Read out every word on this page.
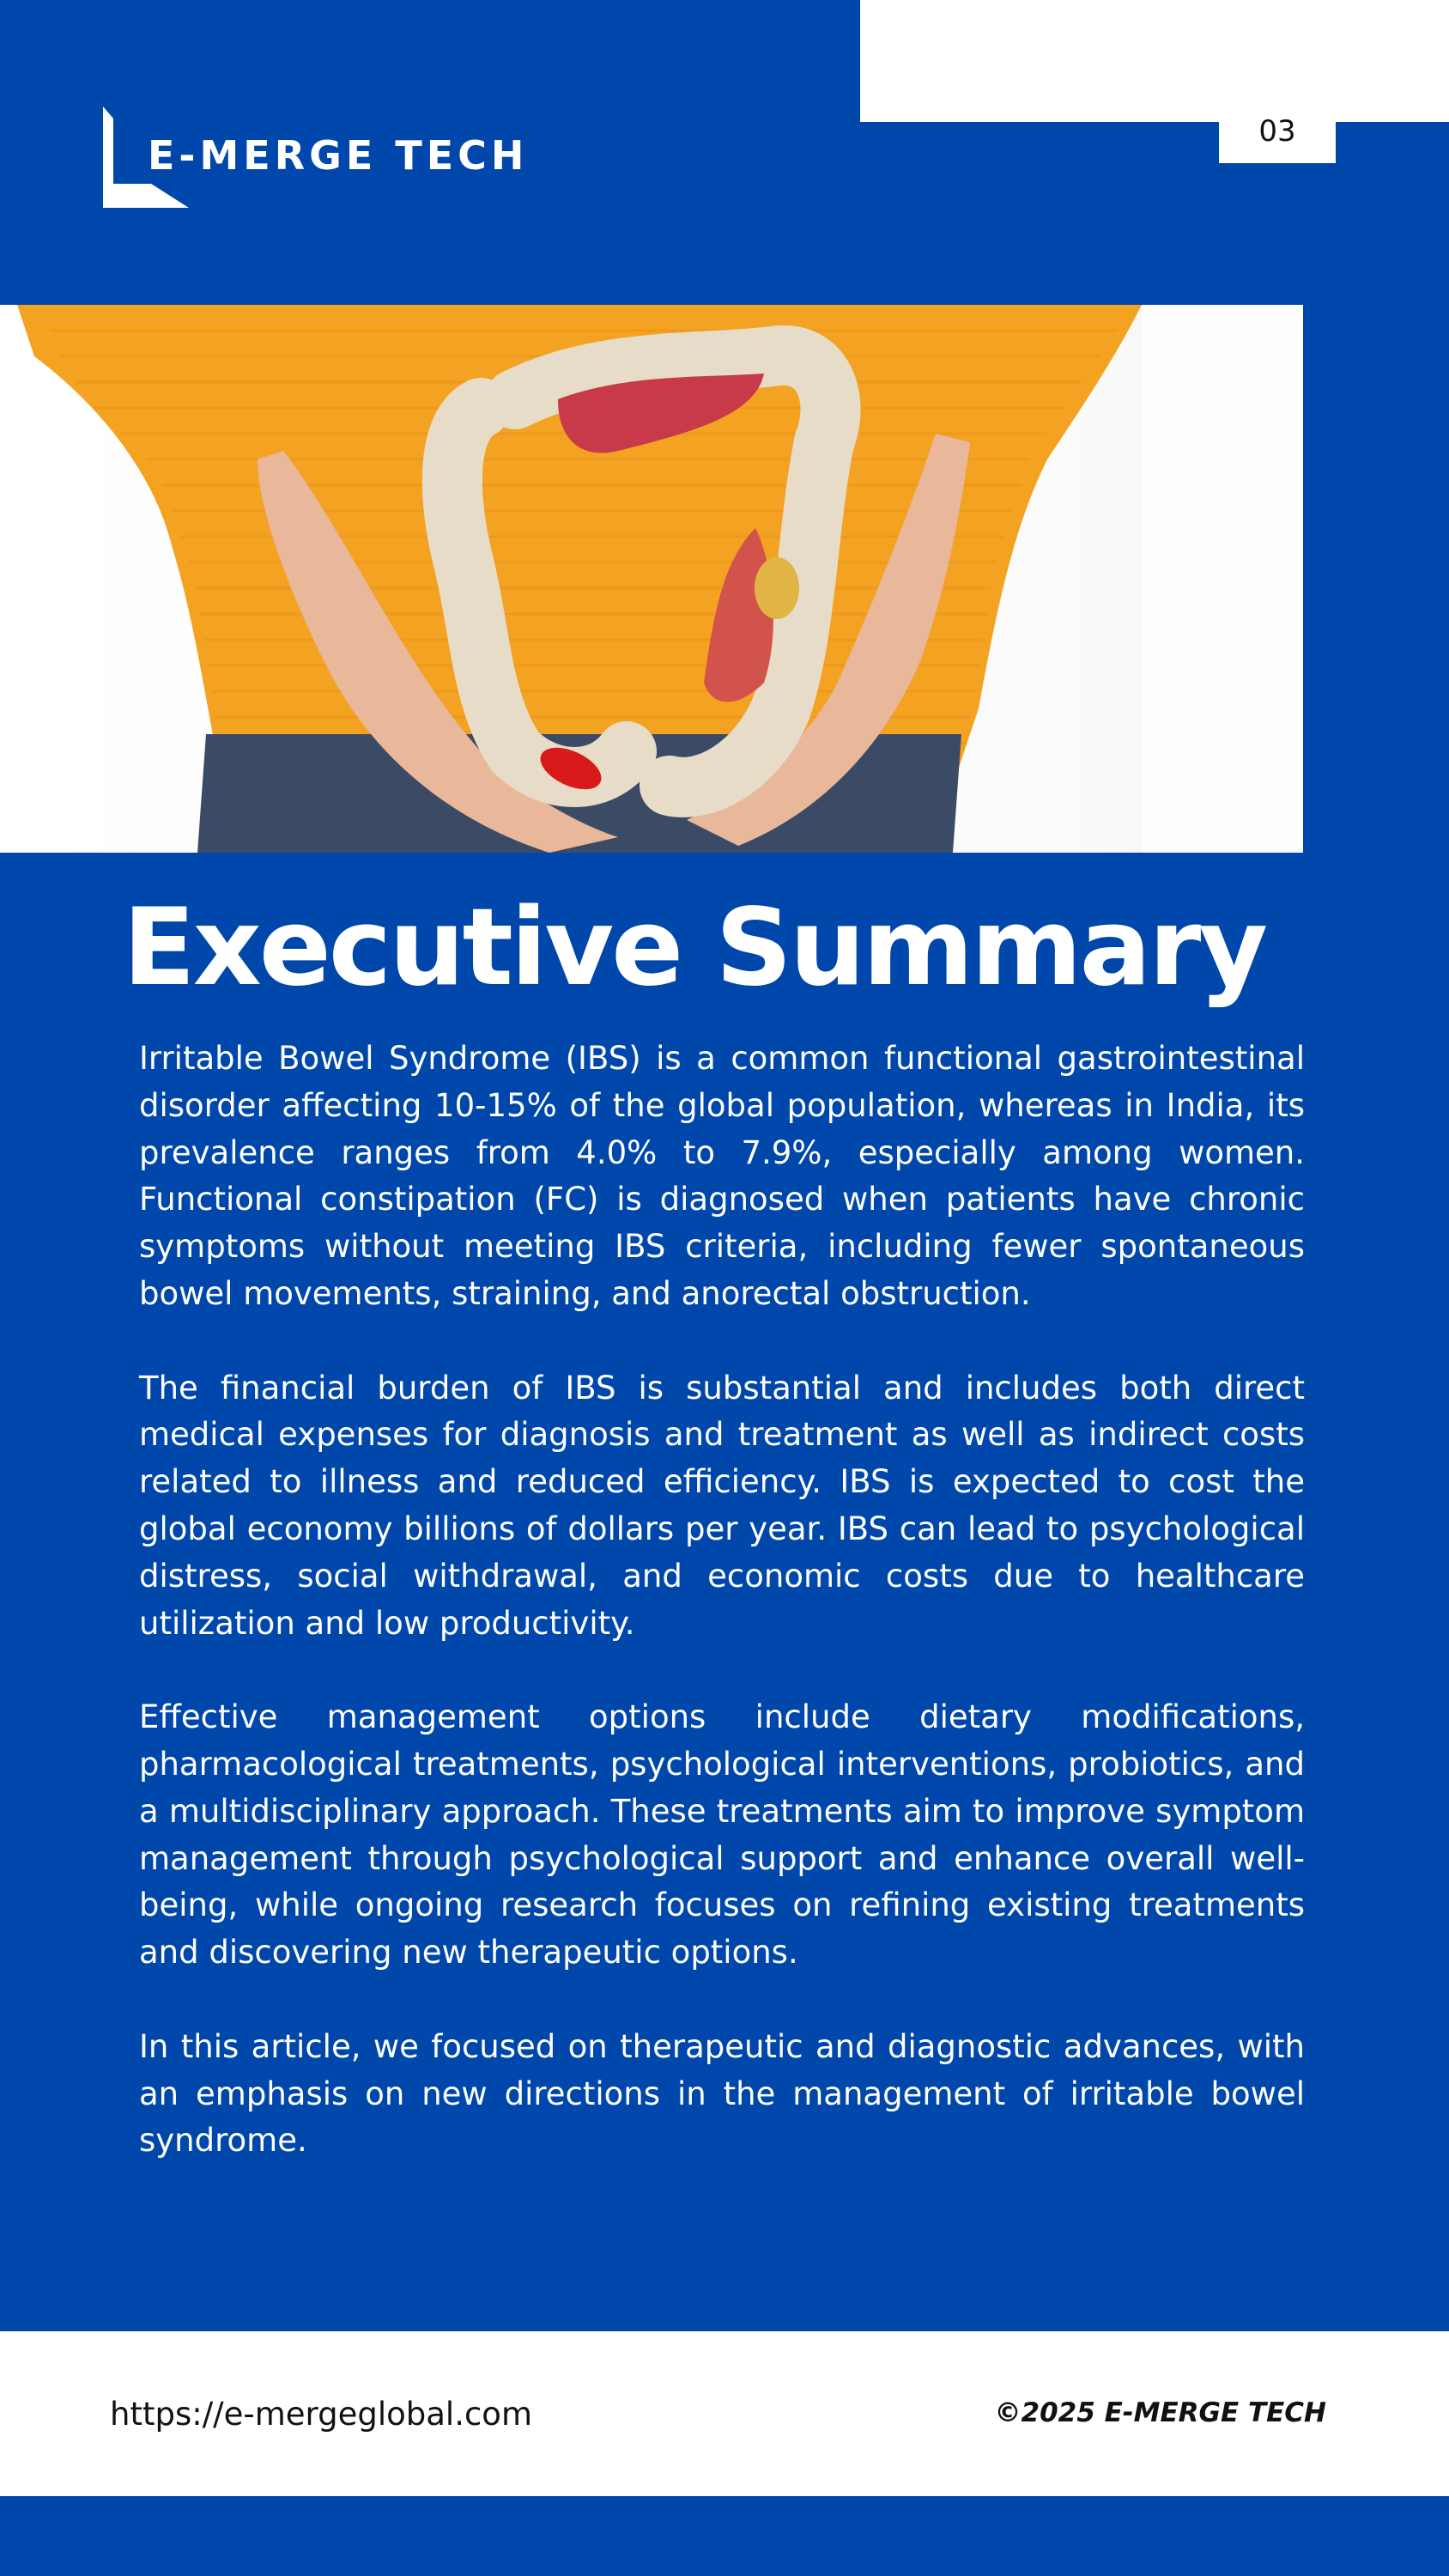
03
E-MERGE TECH
Executive Summary

Irritable Bowel Syndrome (IBS) is a common functional gastrointestinal disorder affecting 10-15% of the global population, whereas in India, its prevalence ranges from 4.0% to 7.9%, especially among women. Functional constipation (FC) is diagnosed when patients have chronic symptoms without meeting IBS criteria, including fewer spontaneous bowel movements, straining, and anorectal obstruction.

The financial burden of IBS is substantial and includes both direct medical expenses for diagnosis and treatment as well as indirect costs related to illness and reduced efficiency. IBS is expected to cost the global economy billions of dollars per year. IBS can lead to psychological distress, social withdrawal, and economic costs due to healthcare utilization and low productivity.

Effective management options include dietary modifications, pharmacological treatments, psychological interventions, probiotics, and a multidisciplinary approach. These treatments aim to improve symptom management through psychological support and enhance overall well-being, while ongoing research focuses on refining existing treatments and discovering new therapeutic options.

In this article, we focused on therapeutic and diagnostic advances, with an emphasis on new directions in the management of irritable bowel syndrome.

https://e-mergeglobal.com	©2025 E-MERGE TECH
